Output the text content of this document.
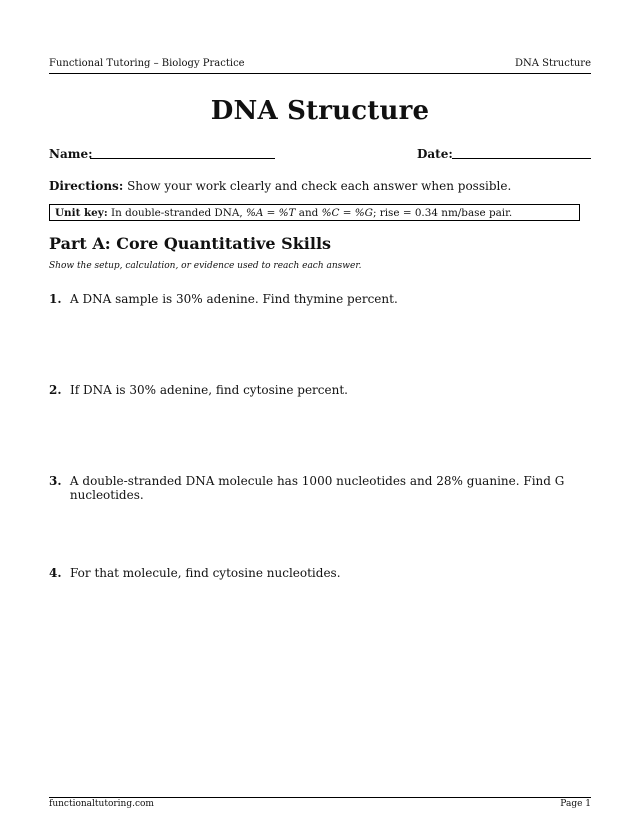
Functional Tutoring – Biology Practice	DNA Structure
DNA Structure
Name:	Date:
Directions: Show your work clearly and check each answer when possible.
Unit key: In double-stranded DNA, %A = %T and %C = %G; rise = 0.34 nm/base pair.
Part A: Core Quantitative Skills
Show the setup, calculation, or evidence used to reach each answer.
1. A DNA sample is 30% adenine. Find thymine percent.
2. If DNA is 30% adenine, find cytosine percent.
3. A double-stranded DNA molecule has 1000 nucleotides and 28% guanine. Find G nucleotides.
4. For that molecule, find cytosine nucleotides.
functionaltutoring.com	Page 1
